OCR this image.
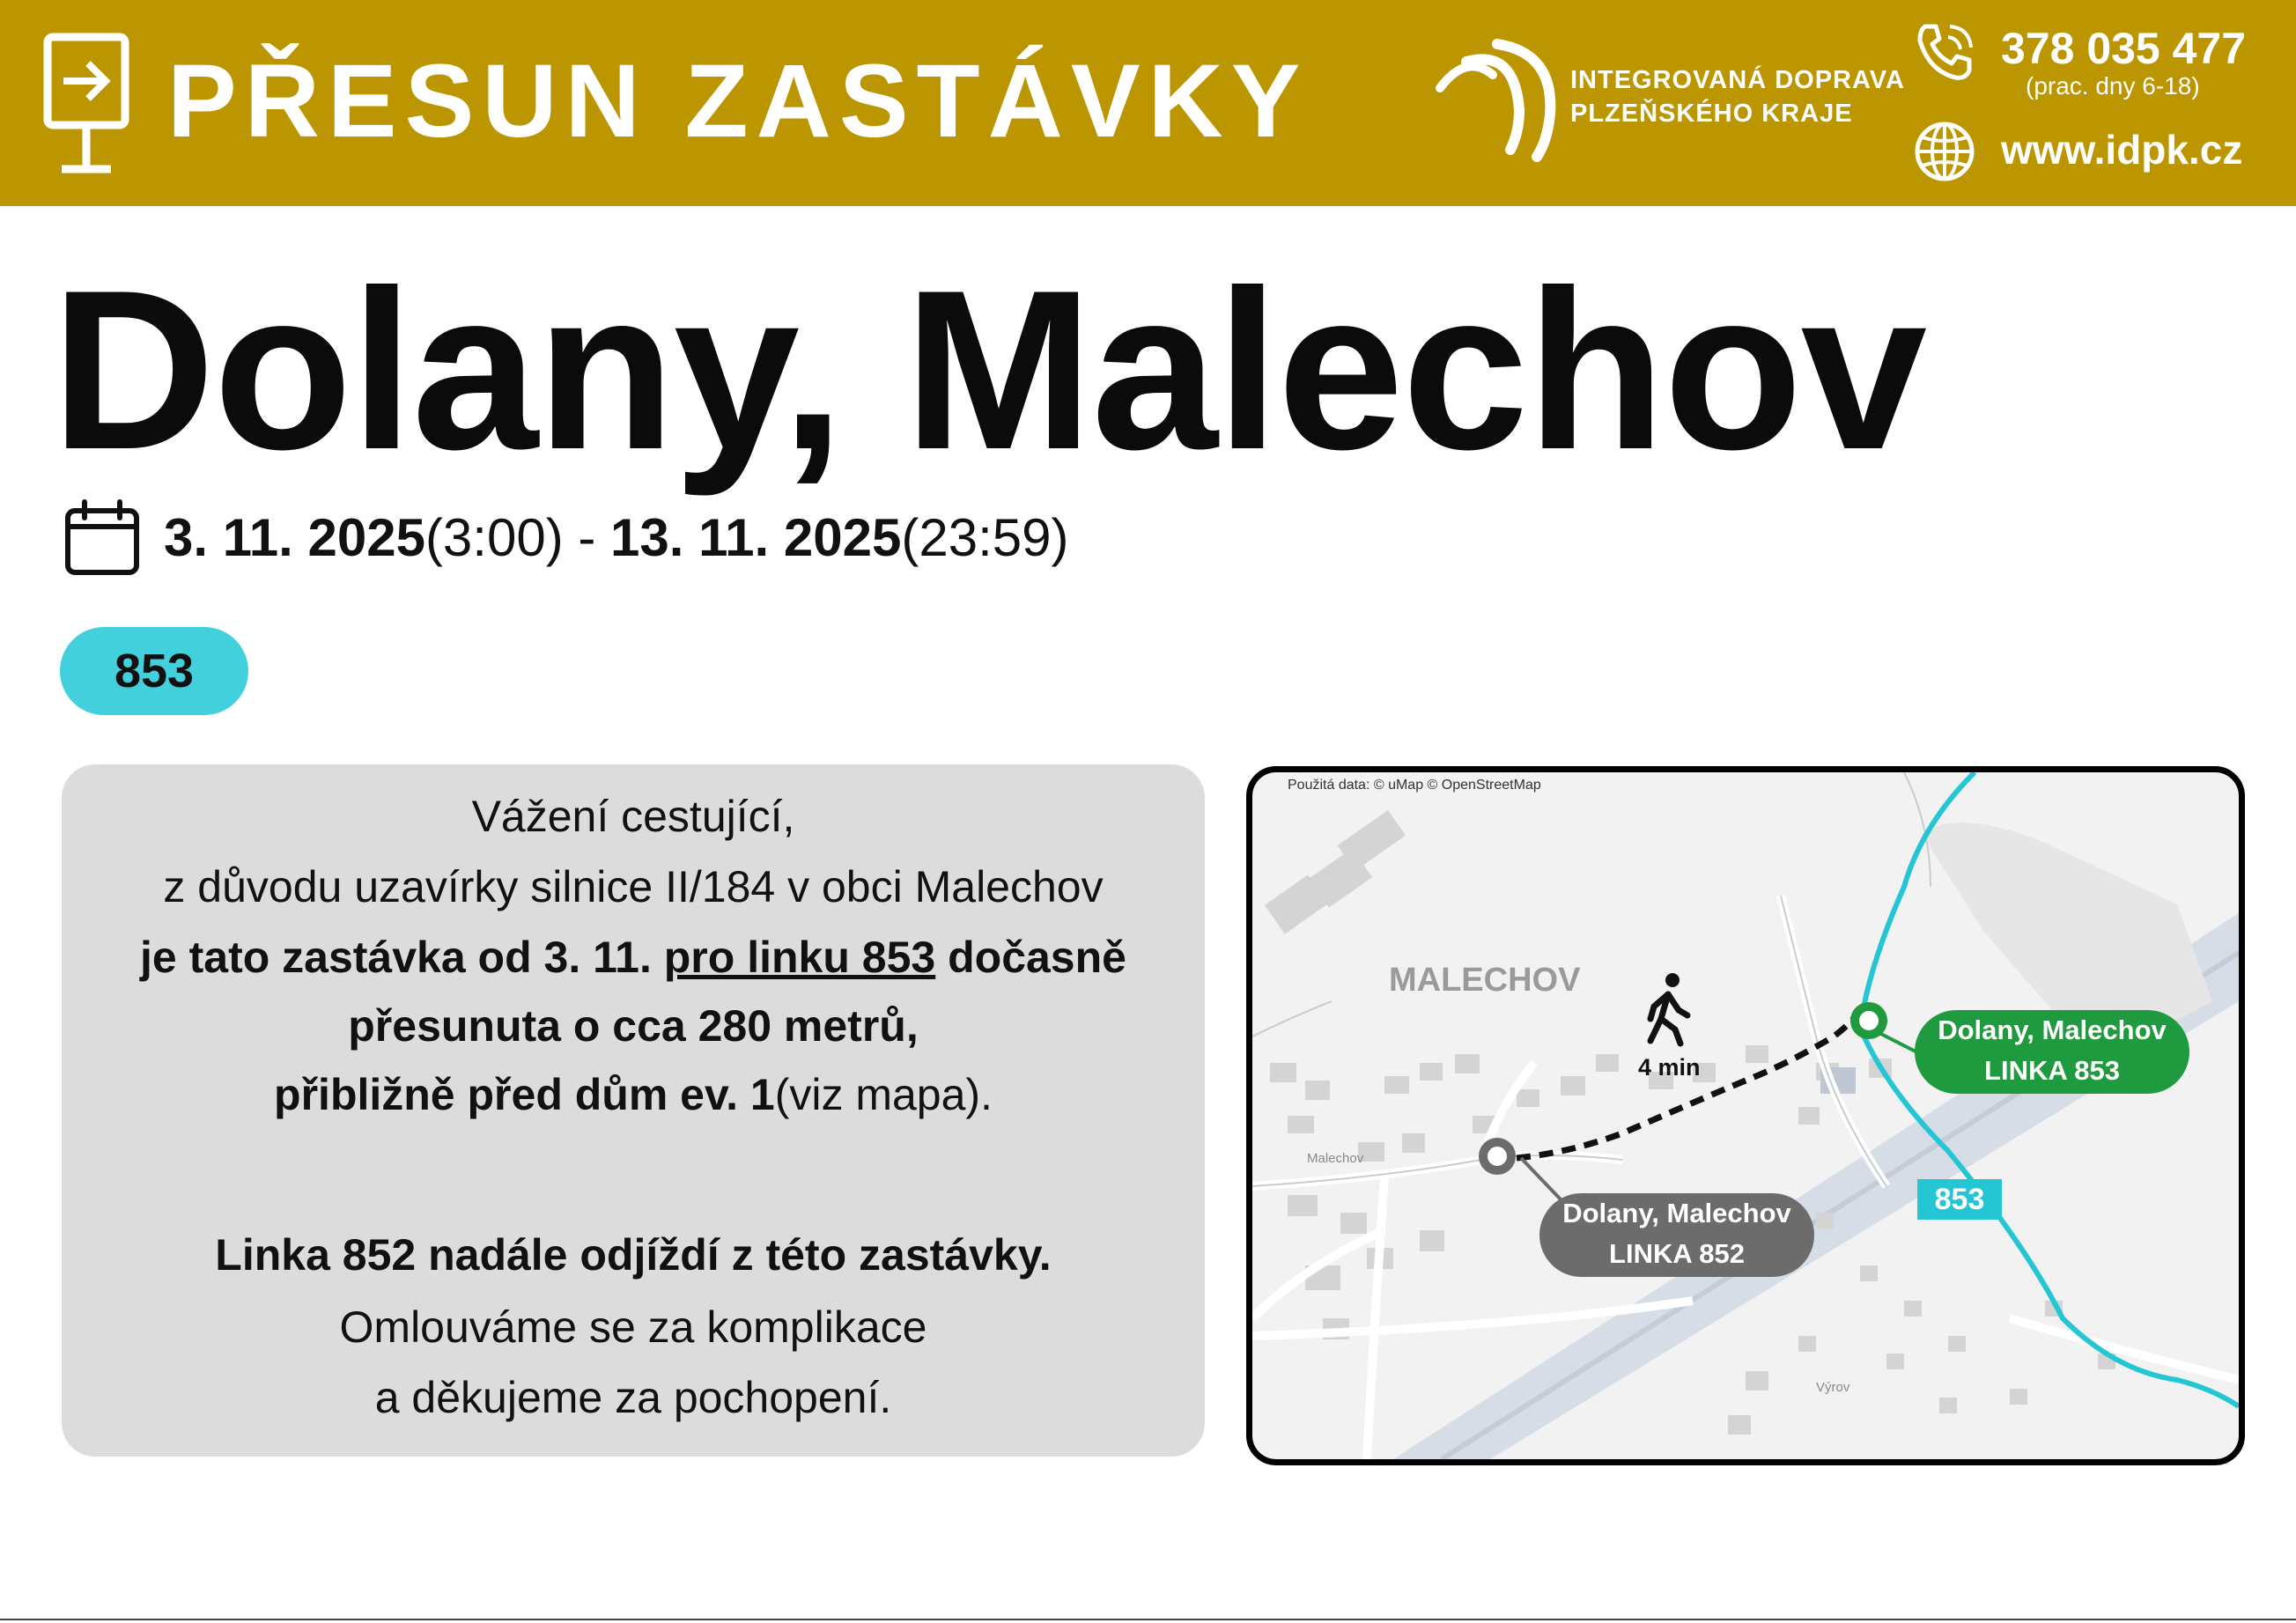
PŘESUN ZASTÁVKY	INTEGROVANÁ DOPRAVA
PLZEŇSKÉHO KRAJE
378 035 477
(prac. dny 6-18)
www.idpk.cz
Dolany, Malechov
3. 11. 2025(3:00) - 13. 11. 2025(23:59)
853

Vážení cestující,

z důvodu uzavírky silnice II/184 v obci Malechov

je tato zastávka od 3. 11. pro linku 853 dočasně

přesunuta o cca 280 metrů,

přibližně před dům ev. 1(viz mapa).

Linka 852 nadále odjíždí z této zastávky.

Omlouváme se za komplikace

a děkujeme za pochopení.

Použitá data: © uMap © OpenStreetMap
MALECHOV
Malechov
Výrov
4 min
Dolany, Malechov
LINKA 853
Dolany, Malechov
LINKA 852
853
